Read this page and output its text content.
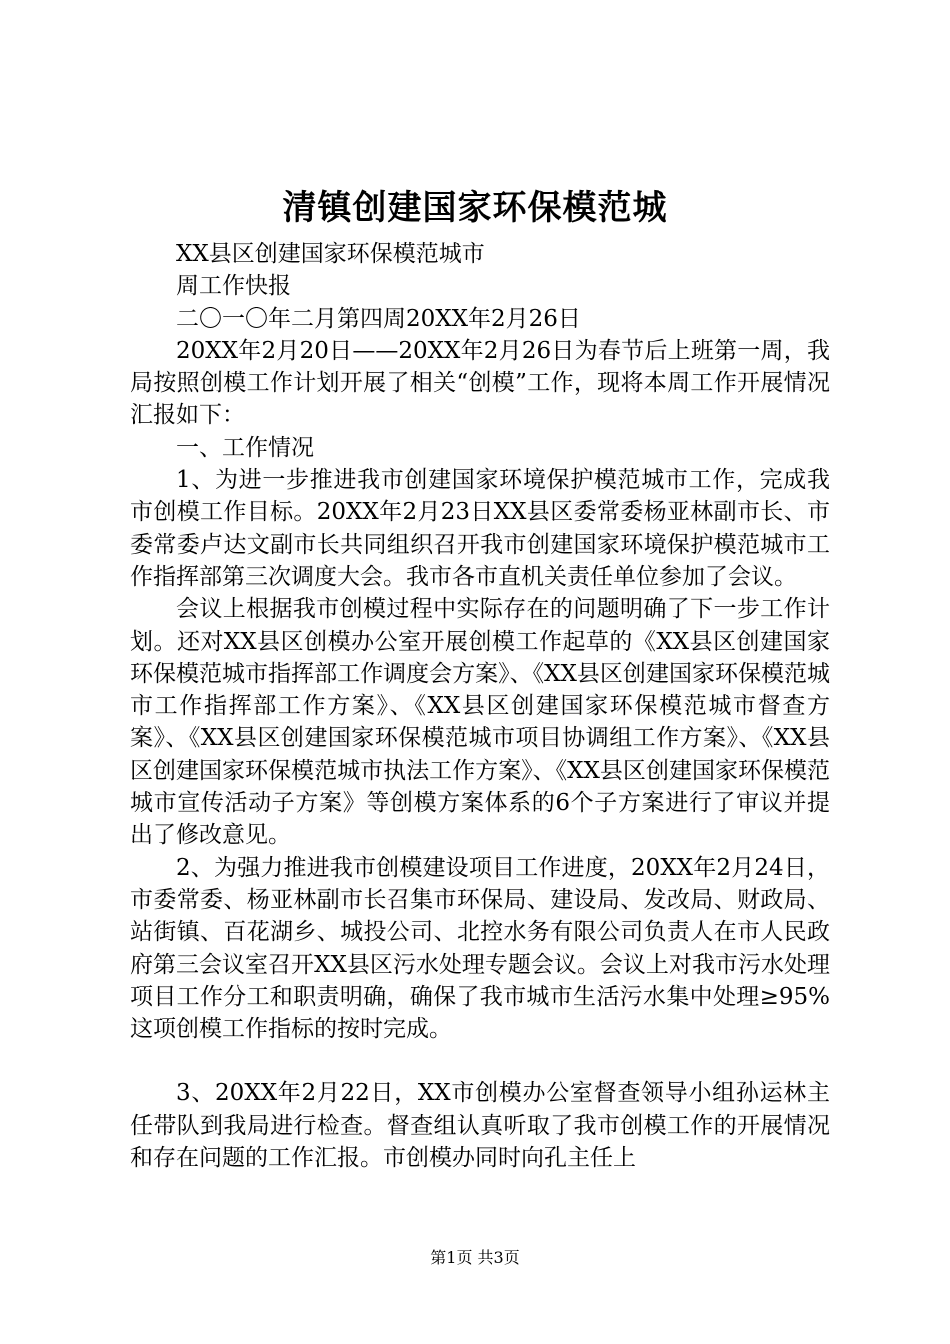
清镇创建国家环保模范城

XX县区创建国家环保模范城市

周工作快报

二〇一〇年二月第四周20XX年2月26日

20XX年2月20日——20XX年2月26日为春节后上班第一周，我局按照创模工作计划开展了相关“创模”工作，现将本周工作开展情况汇报如下：

一、工作情况

1、为进一步推进我市创建国家环境保护模范城市工作，完成我市创模工作目标。20XX年2月23日XX县区委常委杨亚林副市长、市委常委卢达文副市长共同组织召开我市创建国家环境保护模范城市工作指挥部第三次调度大会。我市各市直机关责任单位参加了会议。

会议上根据我市创模过程中实际存在的问题明确了下一步工作计划。还对XX县区创模办公室开展创模工作起草的《XX县区创建国家环保模范城市指挥部工作调度会方案》、《XX县区创建国家环保模范城市工作指挥部工作方案》、《XX县区创建国家环保模范城市督查方案》、《XX县区创建国家环保模范城市项目协调组工作方案》、《XX县区创建国家环保模范城市执法工作方案》、《XX县区创建国家环保模范城市宣传活动子方案》等创模方案体系的6个子方案进行了审议并提出了修改意见。

2、为强力推进我市创模建设项目工作进度，20XX年2月24日，市委常委、杨亚林副市长召集市环保局、建设局、发改局、财政局、站街镇、百花湖乡、城投公司、北控水务有限公司负责人在市人民政府第三会议室召开XX县区污水处理专题会议。会议上对我市污水处理项目工作分工和职责明确，确保了我市城市生活污水集中处理≥95%这项创模工作指标的按时完成。

3、20XX年2月22日，XX市创模办公室督查领导小组孙运林主任带队到我局进行检查。督查组认真听取了我市创模工作的开展情况和存在问题的工作汇报。市创模办同时向孔主任上

第1页 共3页
